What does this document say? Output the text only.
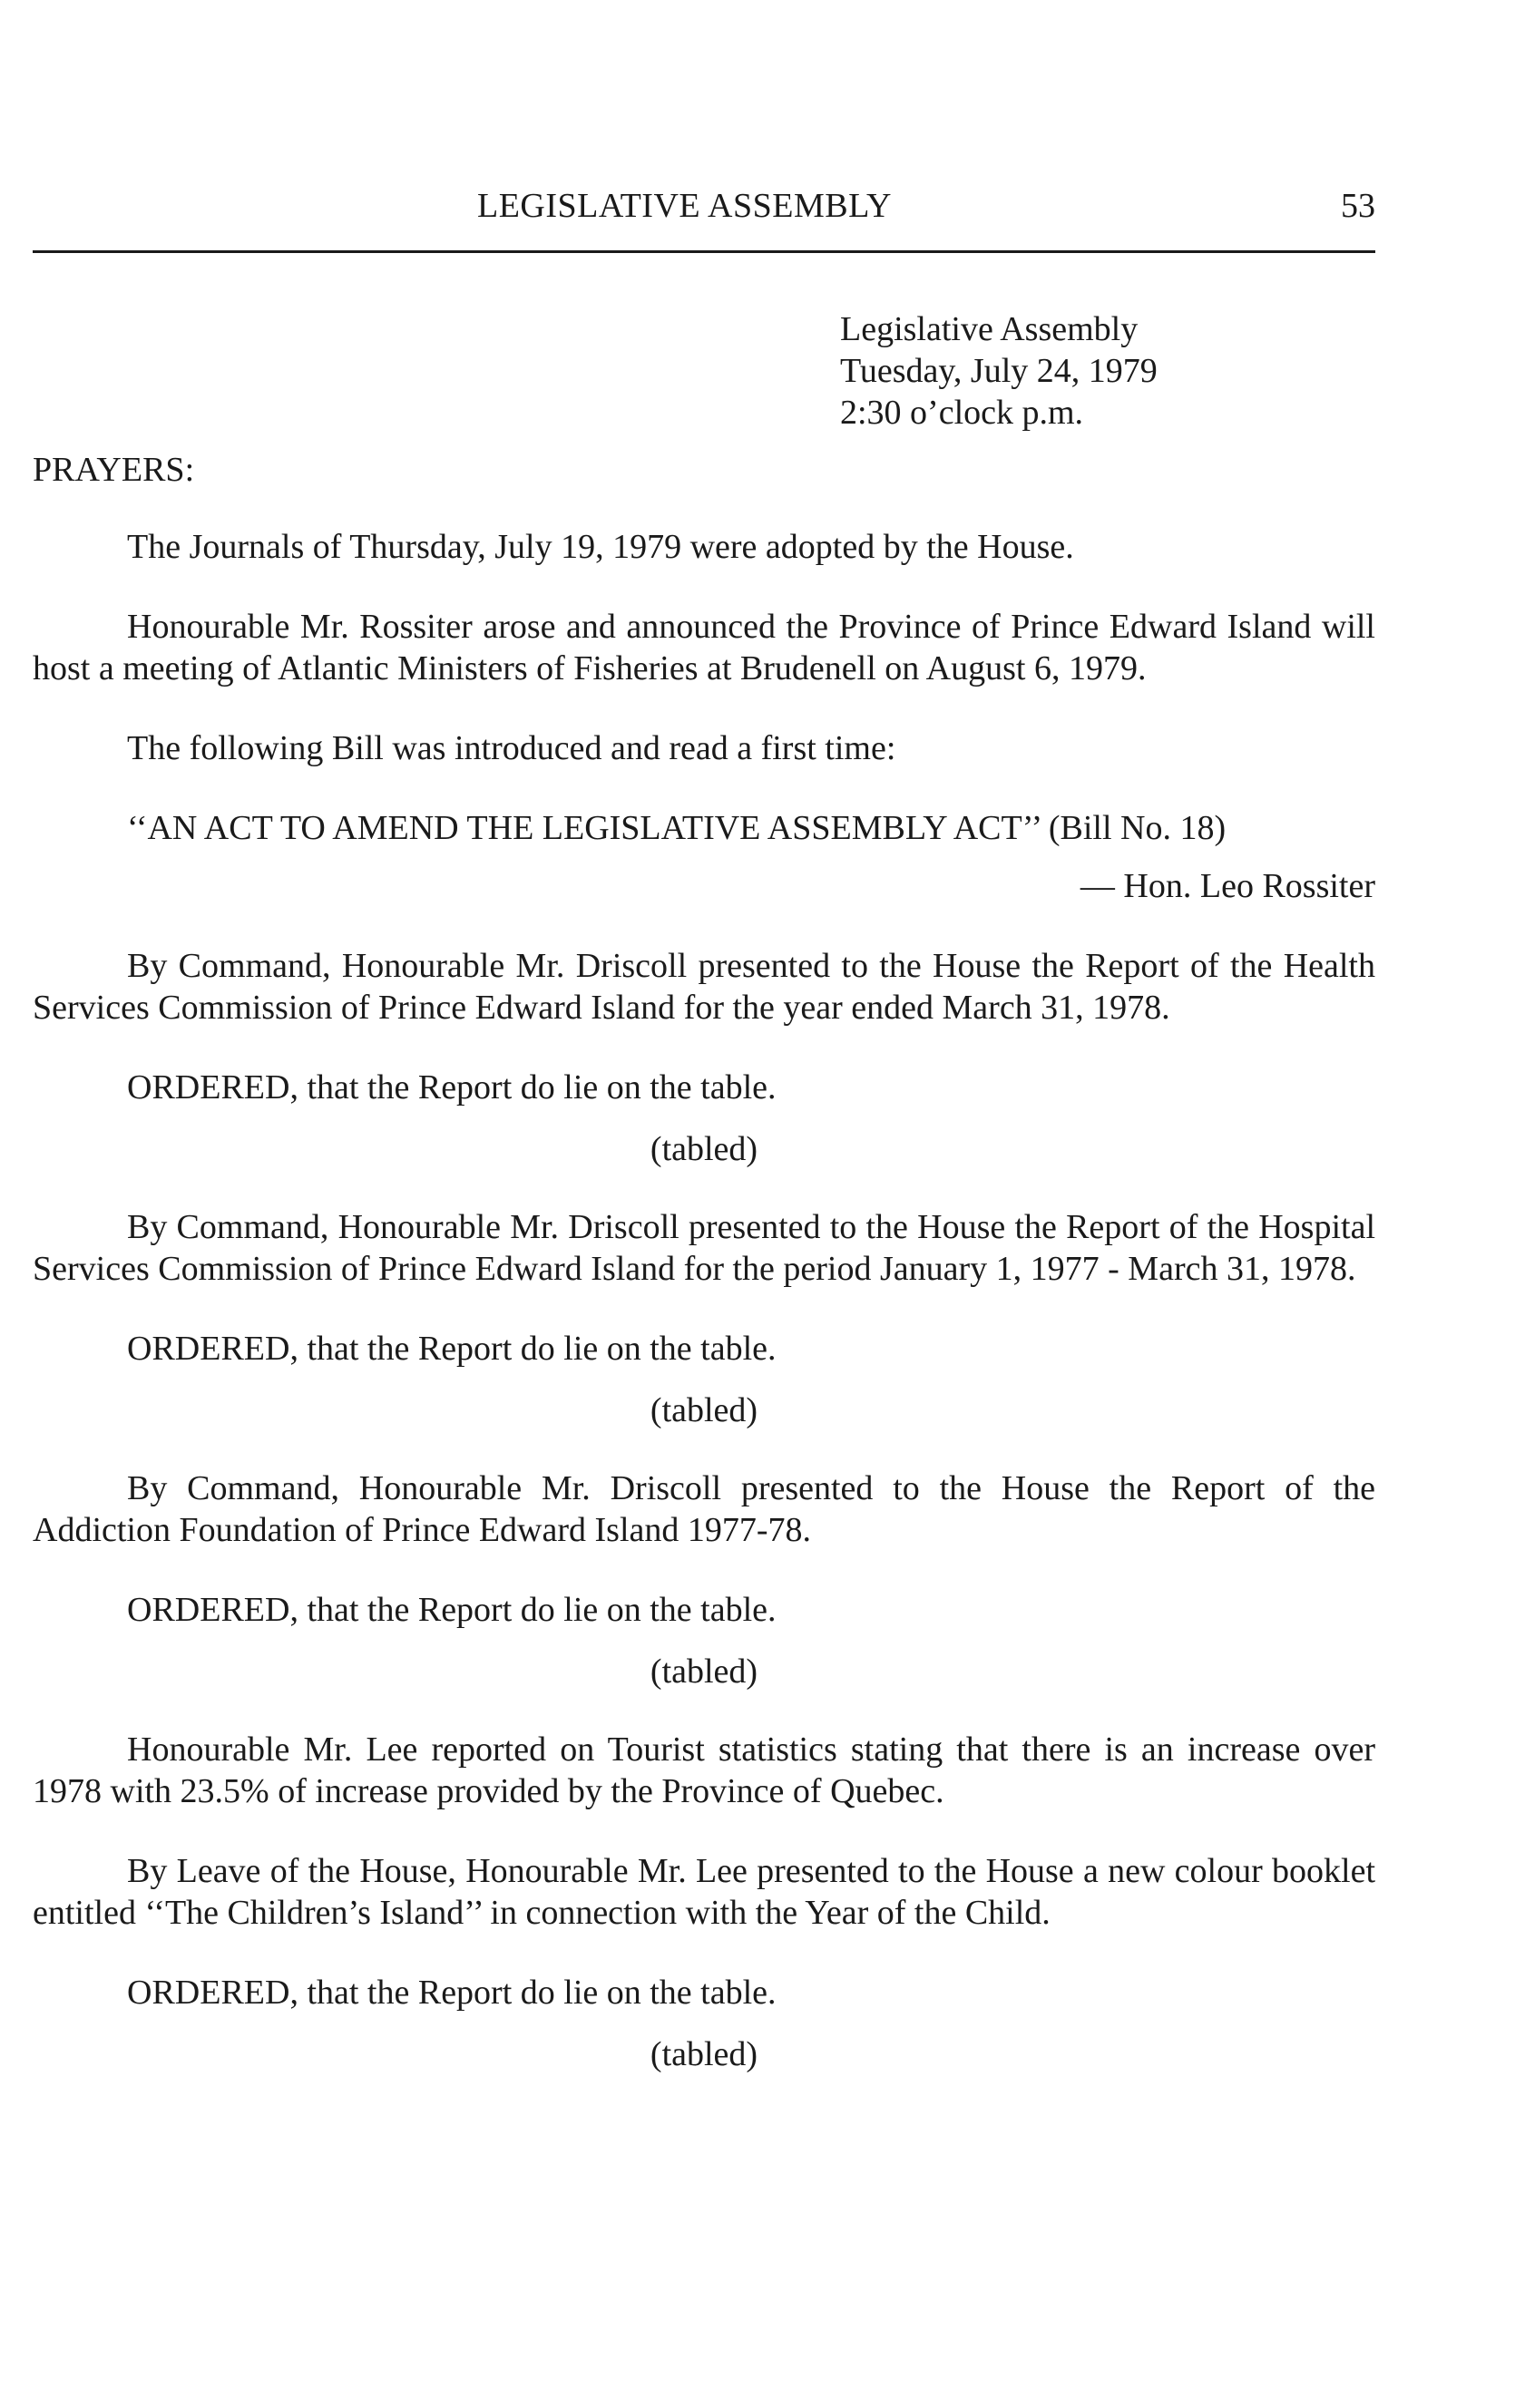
LEGISLATIVE ASSEMBLY	53
Legislative Assembly
Tuesday, July 24, 1979
2:30 o’clock p.m.
PRAYERS:

The Journals of Thursday, July 19, 1979 were adopted by the House.

Honourable Mr. Rossiter arose and announced the Province of Prince Edward Island will host a meeting of Atlantic Ministers of Fisheries at Brudenell on August 6, 1979.

The following Bill was introduced and read a first time:

‘‘AN ACT TO AMEND THE LEGISLATIVE ASSEMBLY ACT’’ (Bill No. 18)

— Hon. Leo Rossiter

By Command, Honourable Mr. Driscoll presented to the House the Report of the Health Services Commission of Prince Edward Island for the year ended March 31, 1978.

ORDERED, that the Report do lie on the table.

(tabled)

By Command, Honourable Mr. Driscoll presented to the House the Report of the Hospital Services Commission of Prince Edward Island for the period January 1, 1977 - March 31, 1978.

ORDERED, that the Report do lie on the table.

(tabled)

By Command, Honourable Mr. Driscoll presented to the House the Report of the Addiction Foundation of Prince Edward Island 1977-78.

ORDERED, that the Report do lie on the table.

(tabled)

Honourable Mr. Lee reported on Tourist statistics stating that there is an increase over 1978 with 23.5% of increase provided by the Province of Quebec.

By Leave of the House, Honourable Mr. Lee presented to the House a new colour booklet entitled ‘‘The Children’s Island’’ in connection with the Year of the Child.

ORDERED, that the Report do lie on the table.

(tabled)
